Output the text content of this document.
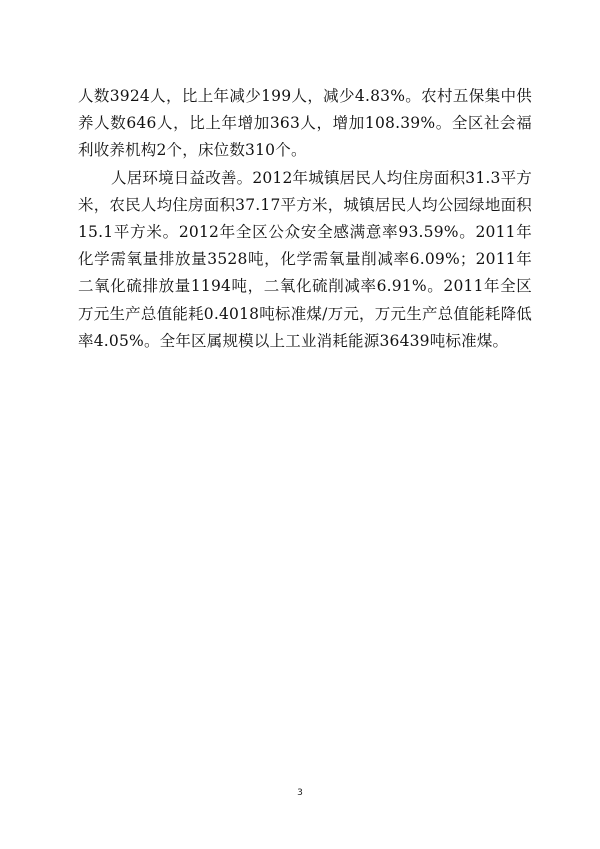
人数3924人，比上年减少199人，减少4.83%。农村五保集中供养人数646人，比上年增加363人，增加108.39%。全区社会福利收养机构2个，床位数310个。

人居环境日益改善。2012年城镇居民人均住房面积31.3平方米，农民人均住房面积37.17平方米，城镇居民人均公园绿地面积15.1平方米。2012年全区公众安全感满意率93.59%。2011年化学需氧量排放量3528吨，化学需氧量削减率6.09%；2011年二氧化硫排放量1194吨，二氧化硫削减率6.91%。2011年全区万元生产总值能耗0.4018吨标准煤/万元，万元生产总值能耗降低率4.05%。全年区属规模以上工业消耗能源36439吨标准煤。

3
